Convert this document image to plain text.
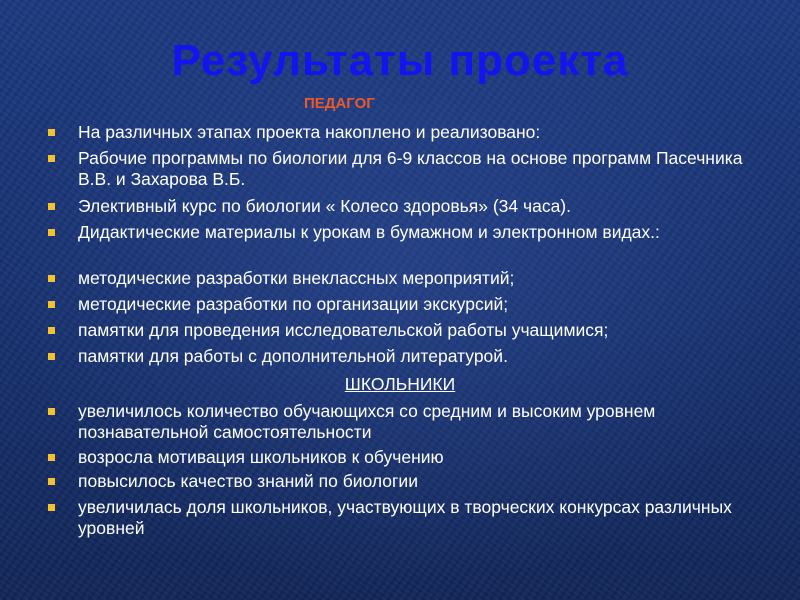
Результаты проекта
ПЕДАГОГ
На различных этапах проекта накоплено и реализовано:
Рабочие программы по биологии для 6-9 классов на основе программ Пасечника В.В. и Захарова В.Б.
Элективный курс по биологии « Колесо здоровья» (34 часа).
Дидактические материалы к урокам в бумажном и электронном видах.:
методические разработки внеклассных мероприятий;
методические разработки по организации экскурсий;
памятки для проведения исследовательской работы учащимися;
памятки для работы с дополнительной литературой.
ШКОЛЬНИКИ
увеличилось количество обучающихся со средним и высоким уровнем познавательной самостоятельности
возросла мотивация школьников к обучению
повысилось качество знаний по биологии
увеличилась доля школьников, участвующих в творческих конкурсах различных уровней
